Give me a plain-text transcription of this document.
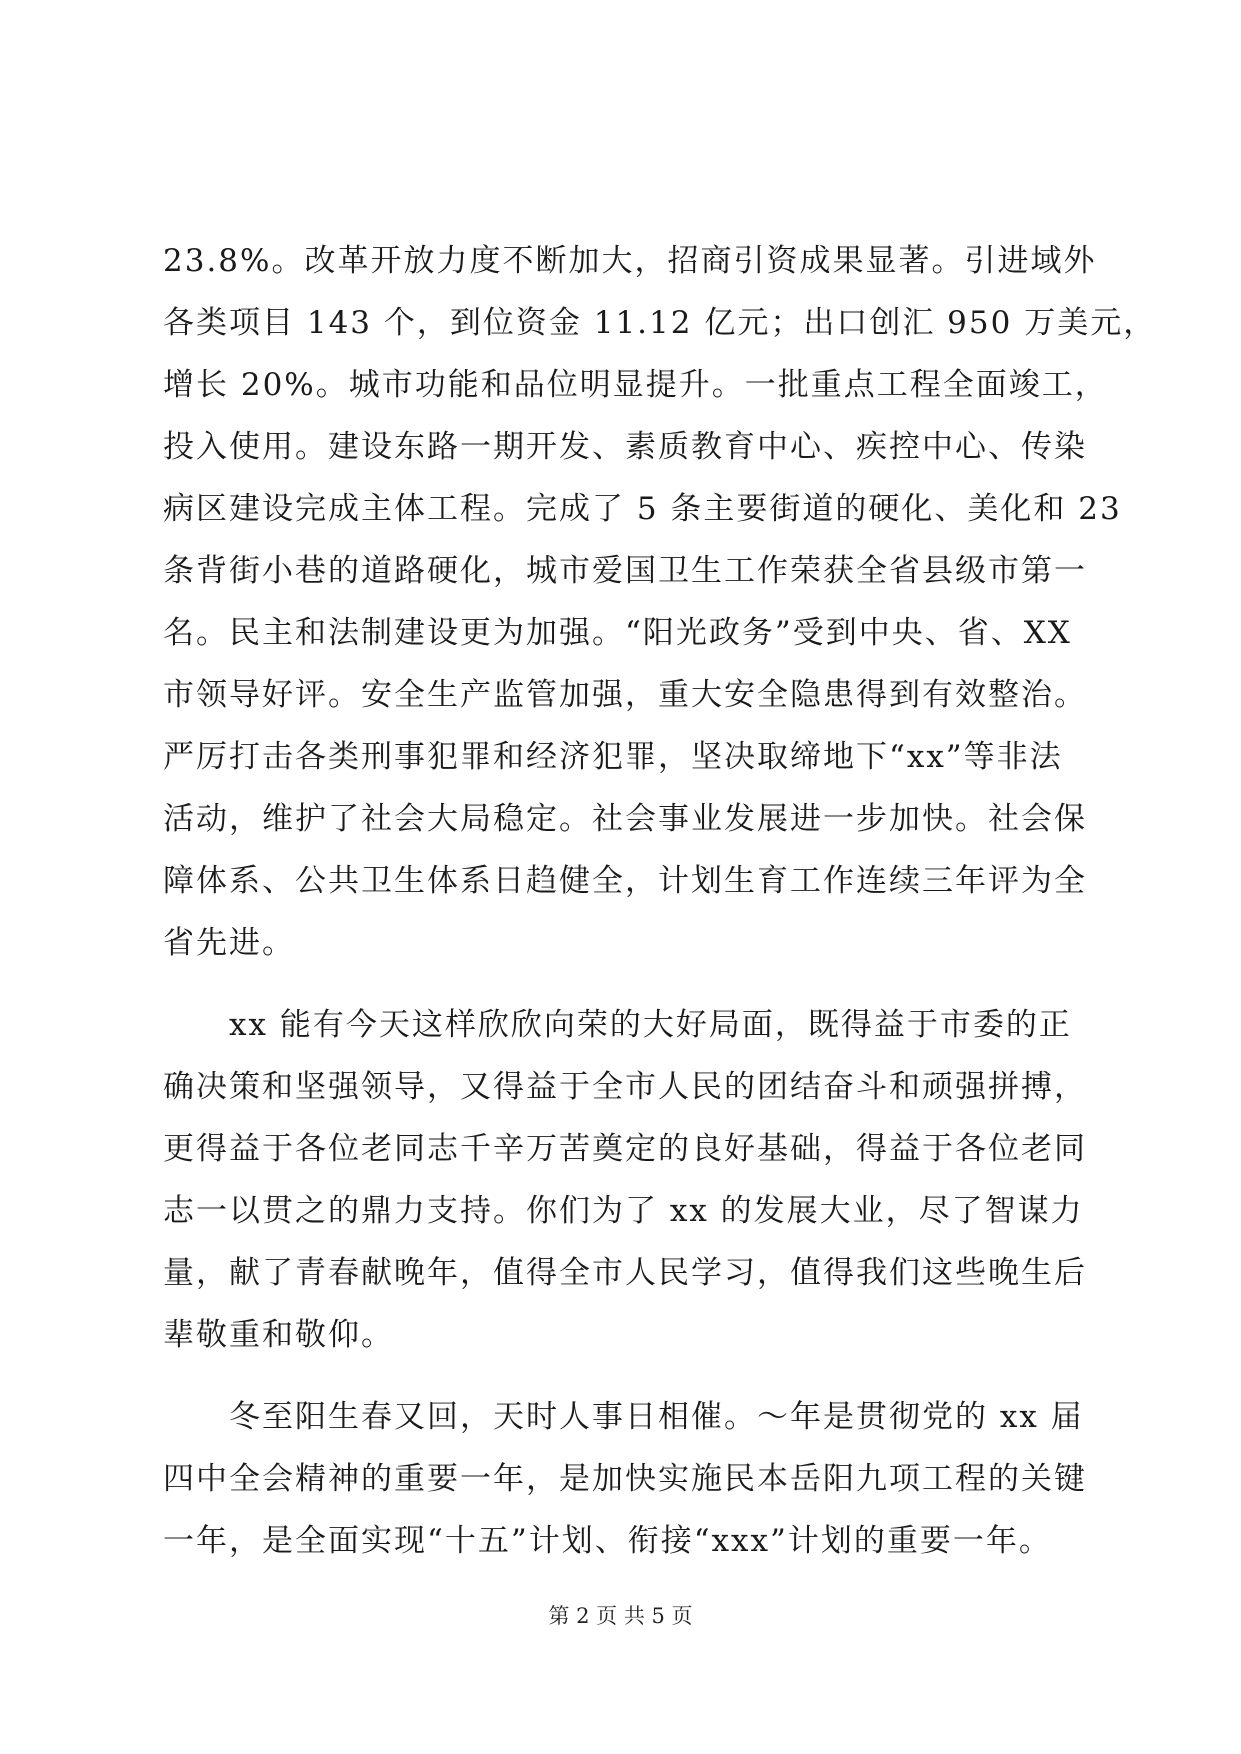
23.8%。改革开放力度不断加大，招商引资成果显著。引进域外
各类项目 143 个，到位资金 11.12 亿元；出口创汇 950 万美元，
增长 20%。城市功能和品位明显提升。一批重点工程全面竣工，
投入使用。建设东路一期开发、素质教育中心、疾控中心、传染
病区建设完成主体工程。完成了 5 条主要街道的硬化、美化和 23
条背街小巷的道路硬化，城市爱国卫生工作荣获全省县级市第一
名。民主和法制建设更为加强。“阳光政务”受到中央、省、XX
市领导好评。安全生产监管加强，重大安全隐患得到有效整治。
严厉打击各类刑事犯罪和经济犯罪，坚决取缔地下“xx”等非法
活动，维护了社会大局稳定。社会事业发展进一步加快。社会保
障体系、公共卫生体系日趋健全，计划生育工作连续三年评为全
省先进。
xx 能有今天这样欣欣向荣的大好局面，既得益于市委的正
确决策和坚强领导，又得益于全市人民的团结奋斗和顽强拼搏，
更得益于各位老同志千辛万苦奠定的良好基础，得益于各位老同
志一以贯之的鼎力支持。你们为了 xx 的发展大业，尽了智谋力
量，献了青春献晚年，值得全市人民学习，值得我们这些晚生后
辈敬重和敬仰。
冬至阳生春又回，天时人事日相催。～年是贯彻党的 xx 届
四中全会精神的重要一年，是加快实施民本岳阳九项工程的关键
一年，是全面实现“十五”计划、衔接“xxx”计划的重要一年。
第 2 页 共 5 页
